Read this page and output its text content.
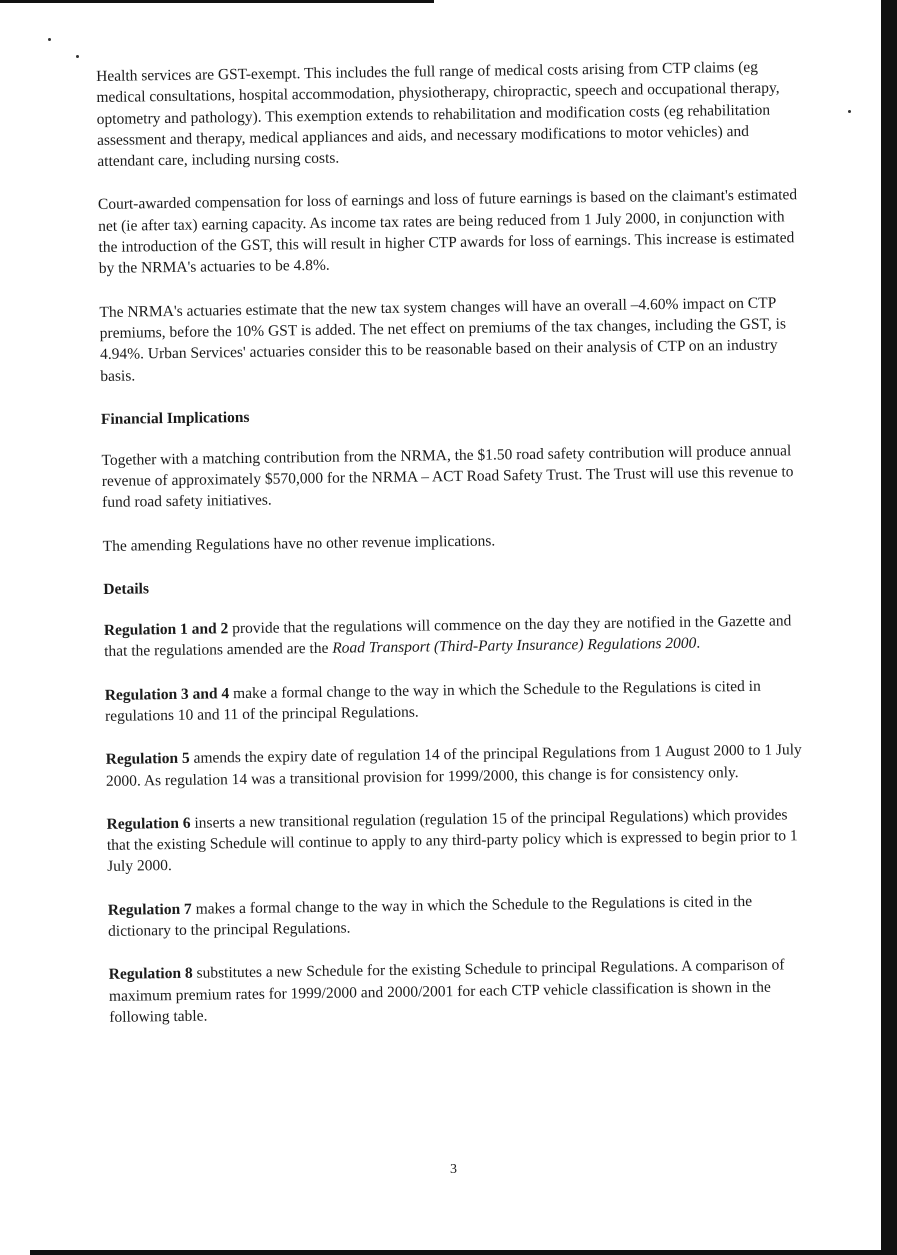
Health services are GST-exempt. This includes the full range of medical costs arising from CTP claims (eg medical consultations, hospital accommodation, physiotherapy, chiropractic, speech and occupational therapy, optometry and pathology). This exemption extends to rehabilitation and modification costs (eg rehabilitation assessment and therapy, medical appliances and aids, and necessary modifications to motor vehicles) and attendant care, including nursing costs.

Court-awarded compensation for loss of earnings and loss of future earnings is based on the claimant's estimated net (ie after tax) earning capacity. As income tax rates are being reduced from 1 July 2000, in conjunction with the introduction of the GST, this will result in higher CTP awards for loss of earnings. This increase is estimated by the NRMA's actuaries to be 4.8%.

The NRMA's actuaries estimate that the new tax system changes will have an overall –4.60% impact on CTP premiums, before the 10% GST is added. The net effect on premiums of the tax changes, including the GST, is 4.94%. Urban Services' actuaries consider this to be reasonable based on their analysis of CTP on an industry basis.

Financial Implications

Together with a matching contribution from the NRMA, the $1.50 road safety contribution will produce annual revenue of approximately $570,000 for the NRMA – ACT Road Safety Trust. The Trust will use this revenue to fund road safety initiatives.

The amending Regulations have no other revenue implications.

Details

Regulation 1 and 2 provide that the regulations will commence on the day they are notified in the Gazette and that the regulations amended are the Road Transport (Third-Party Insurance) Regulations 2000.

Regulation 3 and 4 make a formal change to the way in which the Schedule to the Regulations is cited in regulations 10 and 11 of the principal Regulations.

Regulation 5 amends the expiry date of regulation 14 of the principal Regulations from 1 August 2000 to 1 July 2000. As regulation 14 was a transitional provision for 1999/2000, this change is for consistency only.

Regulation 6 inserts a new transitional regulation (regulation 15 of the principal Regulations) which provides that the existing Schedule will continue to apply to any third-party policy which is expressed to begin prior to 1 July 2000.

Regulation 7 makes a formal change to the way in which the Schedule to the Regulations is cited in the dictionary to the principal Regulations.

Regulation 8 substitutes a new Schedule for the existing Schedule to principal Regulations. A comparison of maximum premium rates for 1999/2000 and 2000/2001 for each CTP vehicle classification is shown in the following table.

3
